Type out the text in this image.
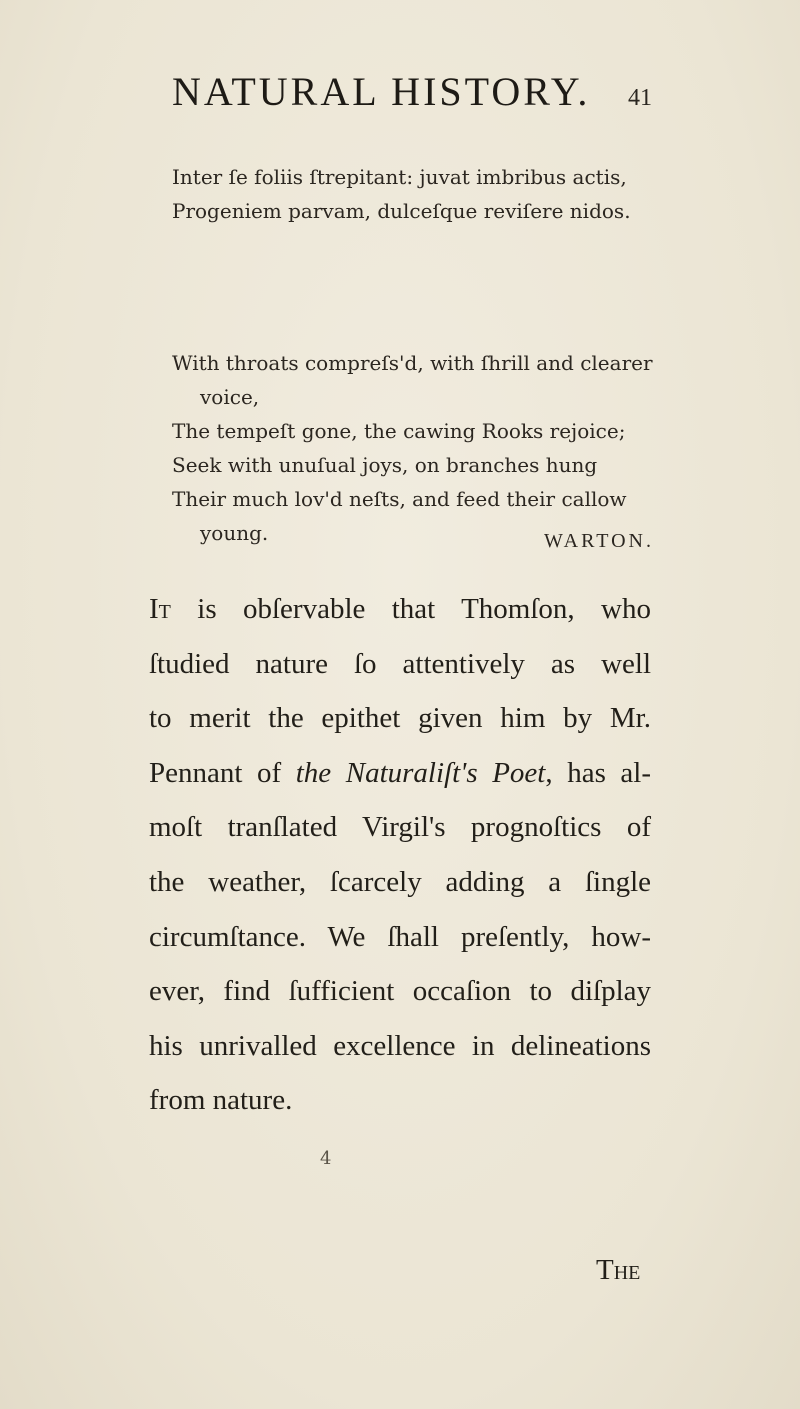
NATURAL HISTORY. 41
Inter ſe foliis ſtrepitant: juvat imbribus actis,
Progeniem parvam, dulceſque reviſere nidos.
With throats compreſs'd, with ſhrill and clearer
voice,
The tempeſt gone, the cawing Rooks rejoice;
Seek with unuſual joys, on branches hung
Their much lov'd neſts, and feed their callow
young.	WARTON.
It is obſervable that Thomſon, who
ſtudied nature ſo attentively as well
to merit the epithet given him by Mr.
Pennant of the Naturaliſt's Poet, has al-
moſt tranſlated Virgil's prognoſtics of
the weather, ſcarcely adding a ſingle
circumſtance. We ſhall preſently, how-
ever, find ſufficient occaſion to diſplay
his unrivalled excellence in delineations
from nature.
4
The
